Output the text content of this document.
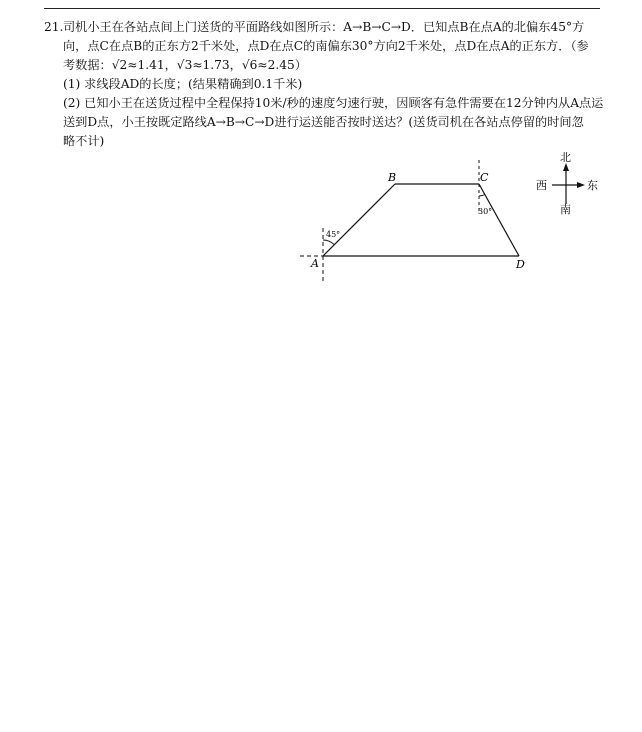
21.司机小王在各站点间上门送货的平面路线如图所示：A→B→C→D．已知点B在点A的北偏东45°方

向，点C在点B的正东方2千米处，点D在点C的南偏东30°方向2千米处，点D在点A的正东方．（参

考数据：√2≈1.41，√3≈1.73，√6≈2.45）

(1) 求线段AD的长度；(结果精确到0.1千米)

(2) 已知小王在送货过程中全程保持10米/秒的速度匀速行驶，因顾客有急件需要在12分钟内从A点运

送到D点，小王按既定路线A→B→C→D进行运送能否按时送达？(送货司机在各站点停留的时间忽

略不计)

45°
30°
B	C
A	D
北
南
东
西
